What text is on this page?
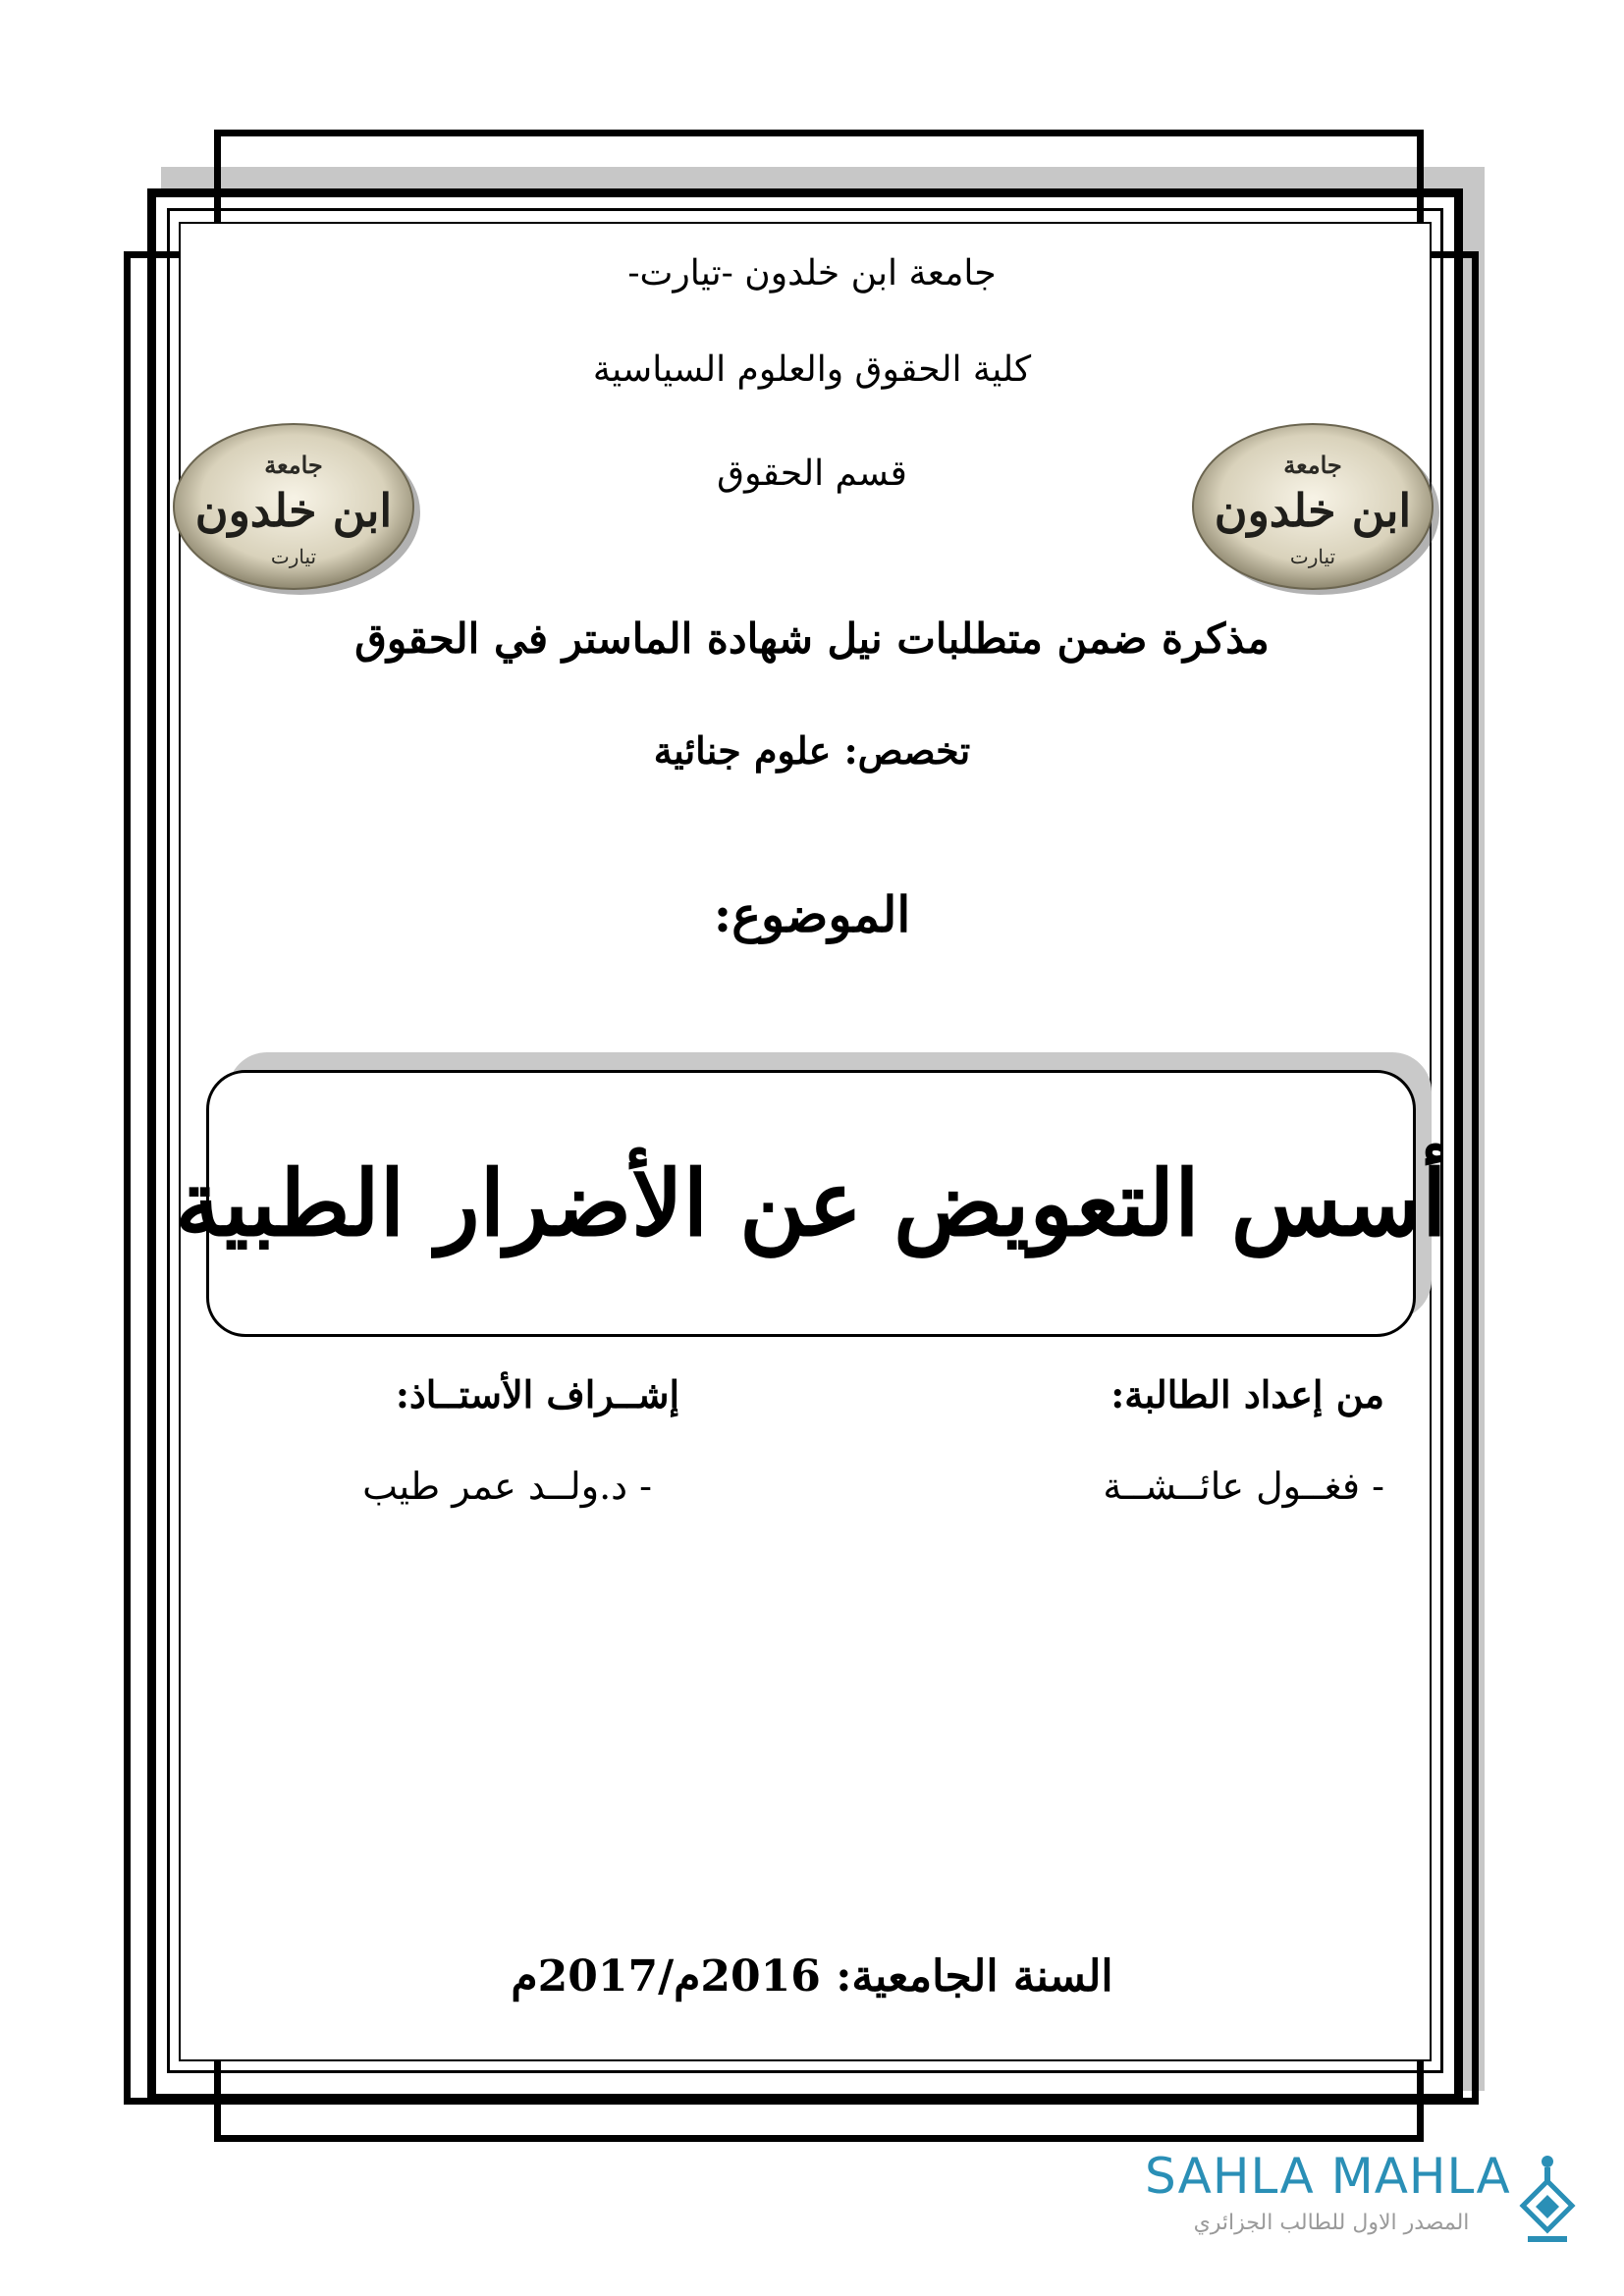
جامعة
ابن خلدون
تيارت
جامعة
ابن خلدون
تيارت
جامعة ابن خلدون -تيارت-
كلية الحقوق والعلوم السياسية
قسم الحقوق
مذكرة ضمن متطلبات نيل شهادة الماستر في الحقوق
تخصص: علوم جنائية
الموضوع:
أسس التعويض عن الأضرار الطبية
من إعداد الطالبة:
إشــراف الأستــاذ:
- فغــول عائــشــة
- د.ولــد عمر طيب
السنة الجامعية: 2016م/2017م
SAHLA MAHLA
المصدر الاول للطالب الجزائري
